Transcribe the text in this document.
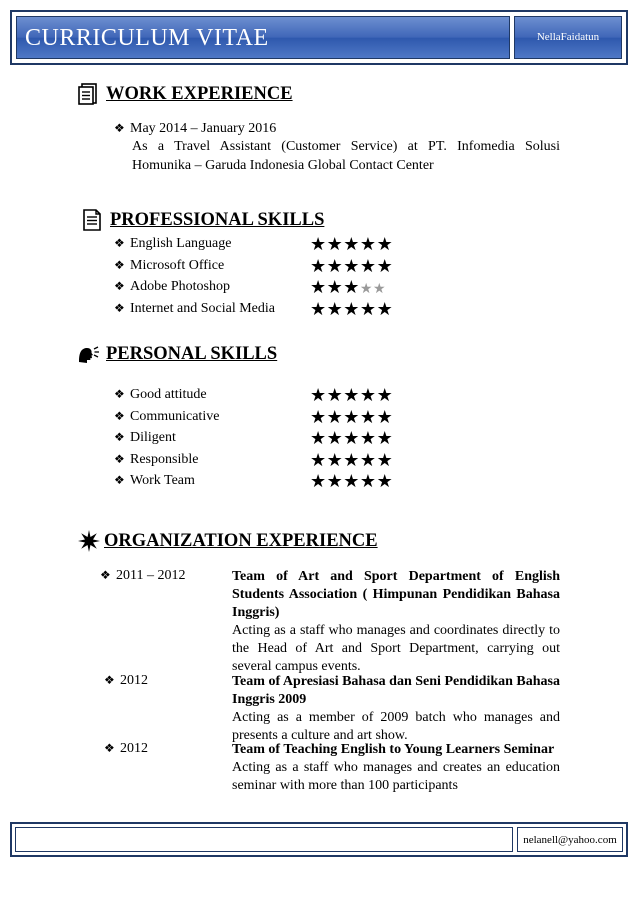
CURRICULUM VITAE	NellaFaidatun
WORK EXPERIENCE
❖ May 2014 – January 2016
As a Travel Assistant (Customer Service) at PT. Infomedia Solusi Homunika – Garuda Indonesia Global Contact Center
PROFESSIONAL SKILLS
❖ English Language	★★★★★
❖ Microsoft Office	★★★★★
❖ Adobe Photoshop	★★★★★
❖ Internet and Social Media ★★★★★
PERSONAL SKILLS
❖ Good attitude	★★★★★
❖ Communicative	★★★★★
❖ Diligent	★★★★★
❖ Responsible	★★★★★
❖ Work Team	★★★★★
ORGANIZATION EXPERIENCE
❖ 2011 – 2012	Team of Art and Sport Department of English Students Association ( Himpunan Pendidikan Bahasa Inggris)
Acting as a staff who manages and coordinates directly to the Head of Art and Sport Department, carrying out several campus events.
❖ 2012	Team of Apresiasi Bahasa dan Seni Pendidikan Bahasa Inggris 2009
Acting as a member of 2009 batch who manages and presents a culture and art show.
❖ 2012	Team of Teaching English to Young Learners Seminar
Acting as a staff who manages and creates an education seminar with more than 100 participants
nelanell@yahoo.com
